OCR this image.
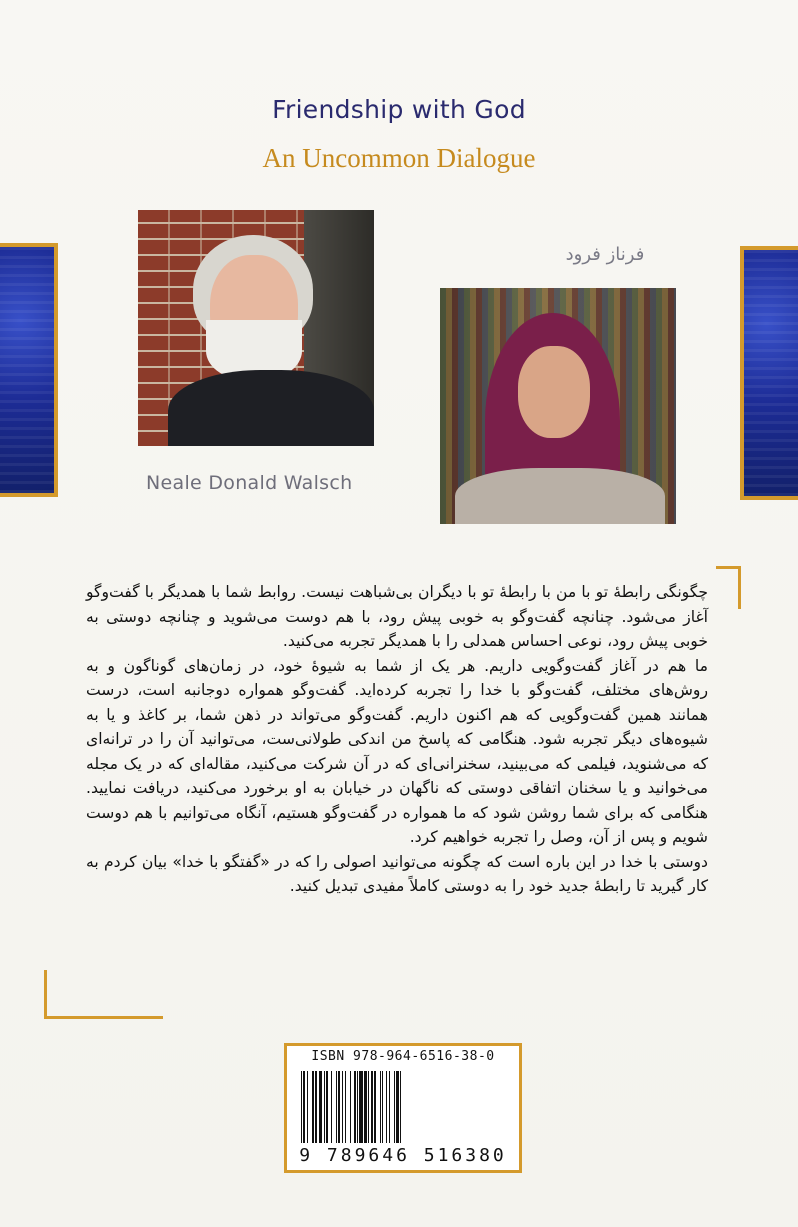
Friendship with God
An Uncommon Dialogue
Neale Donald Walsch
فرناز فرود

چگونگی رابطۀ تو با من با رابطۀ تو با دیگران بی‌شباهت نیست. روابط شما با همدیگر با گفت‌وگو آغاز می‌شود. چنانچه گفت‌وگو به خوبی پیش رود، با هم دوست می‌شوید و چنانچه دوستی به خوبی پیش رود، نوعی احساس همدلی را با همدیگر تجربه می‌کنید.

ما هم در آغاز گفت‌وگویی داریم. هر یک از شما به شیوۀ خود، در زمان‌های گوناگون و به روش‌های مختلف، گفت‌وگو با خدا را تجربه کرده‌اید. گفت‌وگو همواره دوجانبه است، درست همانند همین گفت‌وگویی که هم اکنون داریم. گفت‌وگو می‌تواند در ذهن شما، بر کاغذ و یا به شیوه‌های دیگر تجربه شود. هنگامی که پاسخ من اندکی طولانی‌ست، می‌توانید آن را در ترانه‌ای که می‌شنوید، فیلمی که می‌بینید، سخنرانی‌ای که در آن شرکت می‌کنید، مقاله‌ای که در یک مجله می‌خوانید و یا سخنان اتفاقی دوستی که ناگهان در خیابان به او برخورد می‌کنید، دریافت نمایید. هنگامی که برای شما روشن شود که ما همواره در گفت‌وگو هستیم، آنگاه می‌توانیم با هم دوست شویم و پس از آن، وصل را تجربه خواهیم کرد.

دوستی با خدا در این باره است که چگونه می‌توانید اصولی را که در «گفتگو با خدا» بیان کردم به کار گیرید تا رابطۀ جدید خود را به دوستی کاملاً مفیدی تبدیل کنید.

ISBN 978-964-6516-38-0
9 789646 516380
